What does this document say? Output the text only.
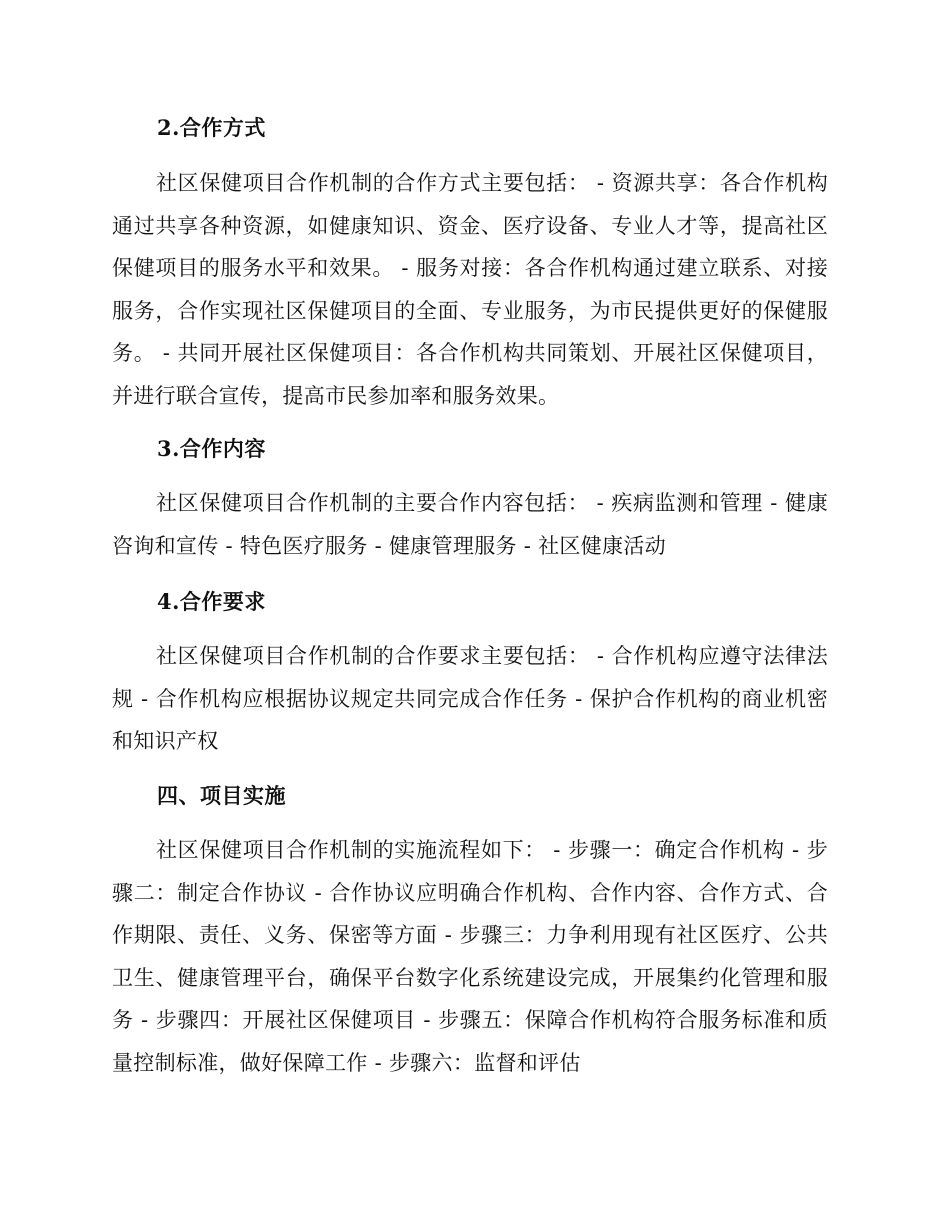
2.合作方式

社区保健项目合作机制的合作方式主要包括： - 资源共享：各合作机构通过共享各种资源，如健康知识、资金、医疗设备、专业人才等，提高社区保健项目的服务水平和效果。 - 服务对接：各合作机构通过建立联系、对接服务，合作实现社区保健项目的全面、专业服务，为市民提供更好的保健服务。 - 共同开展社区保健项目：各合作机构共同策划、开展社区保健项目，并进行联合宣传，提高市民参加率和服务效果。

3.合作内容

社区保健项目合作机制的主要合作内容包括： - 疾病监测和管理 - 健康咨询和宣传 - 特色医疗服务 - 健康管理服务 - 社区健康活动

4.合作要求

社区保健项目合作机制的合作要求主要包括： - 合作机构应遵守法律法规 - 合作机构应根据协议规定共同完成合作任务 - 保护合作机构的商业机密和知识产权

四、项目实施

社区保健项目合作机制的实施流程如下： - 步骤一：确定合作机构 - 步骤二：制定合作协议 - 合作协议应明确合作机构、合作内容、合作方式、合作期限、责任、义务、保密等方面 - 步骤三：力争利用现有社区医疗、公共卫生、健康管理平台，确保平台数字化系统建设完成，开展集约化管理和服务 - 步骤四：开展社区保健项目 - 步骤五：保障合作机构符合服务标准和质量控制标准，做好保障工作 - 步骤六：监督和评估
